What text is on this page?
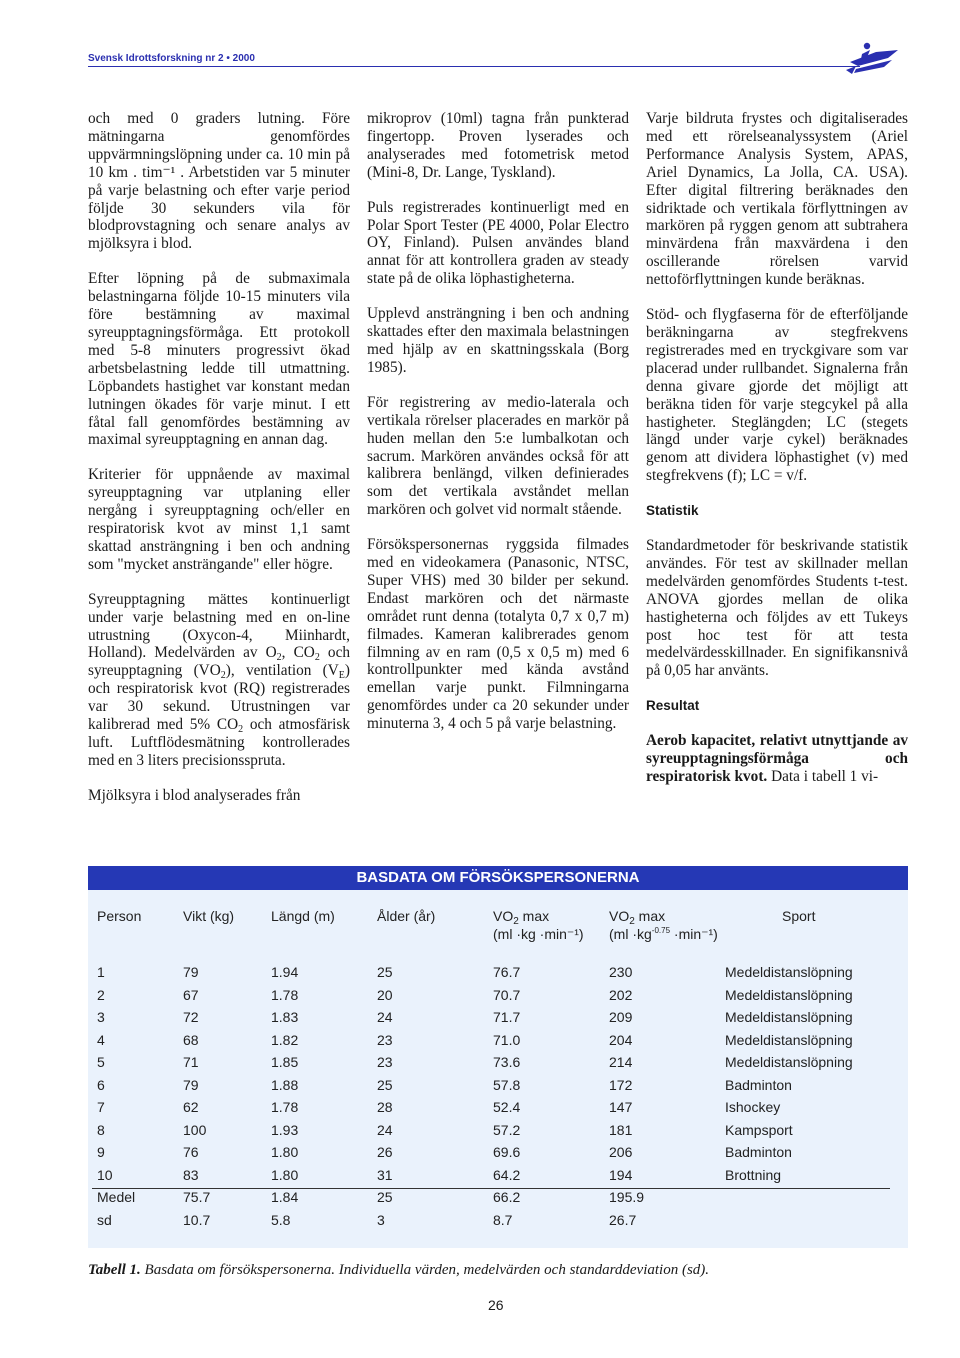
Svensk Idrottsforskning nr 2 • 2000

och med 0 graders lutning. Före mätningarna genomfördes uppvärmningslöpning under ca. 10 min på 10 km . tim⁻¹ . Arbetstiden var 5 minuter på varje belastning och efter varje period följde 30 sekunders vila för blodprovstagning och senare analys av mjölksyra i blod.

Efter löpning på de submaximala belastningarna följde 10-15 minuters vila före bestämning av maximal syreupptagningsförmåga. Ett protokoll med 5-8 minuters progressivt ökad arbetsbelastning ledde till utmattning. Löpbandets hastighet var konstant medan lutningen ökades för varje minut. I ett fåtal fall genomfördes bestämning av maximal syreupptagning en annan dag.

Kriterier för uppnående av maximal syreupptagning var utplaning eller nergång i syreupptagning och/eller en respiratorisk kvot av minst 1,1 samt skattad ansträngning i ben och andning som "mycket ansträngande" eller högre.

Syreupptagning mättes kontinuerligt under varje belastning med en on-line utrustning (Oxycon-4, Miinhardt, Holland). Medelvärden av $O_2$, $CO_2$ och syreupptagning $(VO_2)$, ventilation $(V_E)$ och respiratorisk kvot (RQ) registrerades var 30 sekund. Utrustningen var kalibrerad med 5% $CO_2$ och atmosfärisk luft. Luftflödesmätning kontrollerades med en 3 liters precisionsspruta.

Mjölksyra i blod analyserades från

mikroprov (10ml) tagna från punkterad fingertopp. Proven lyserades och analyserades med fotometrisk metod (Mini-8, Dr. Lange, Tyskland).

Puls registrerades kontinuerligt med en Polar Sport Tester (PE 4000, Polar Electro OY, Finland). Pulsen användes bland annat för att kontrollera graden av steady state på de olika löphastigheterna.

Upplevd ansträngning i ben och andning skattades efter den maximala belastningen med hjälp av en skattningsskala (Borg 1985).

För registrering av medio-laterala och vertikala rörelser placerades en markör på huden mellan den 5:e lumbalkotan och sacrum. Markören användes också för att kalibrera benlängd, vilken definierades som det vertikala avståndet mellan markören och golvet vid normalt stående.

Försökspersonernas ryggsida filmades med en videokamera (Panasonic, NTSC, Super VHS) med 30 bilder per sekund. Endast markören och det närmaste området runt denna (totalyta 0,7 x 0,7 m) filmades. Kameran kalibrerades genom filmning av en ram (0,5 x 0,5 m) med 6 kontrollpunkter med kända avstånd emellan varje punkt. Filmningarna genomfördes under ca 20 sekunder under minuterna 3, 4 och 5 på varje belastning.

Varje bildruta frystes och digitaliserades med ett rörelseanalyssystem (Ariel Performance Analysis System, APAS, Ariel Dynamics, La Jolla, CA. USA). Efter digital filtrering beräknades den sidriktade och vertikala förflyttningen av markören på ryggen genom att subtrahera minvärdena från maxvärdena i den oscillerande rörelsen varvid nettoförflyttningen kunde beräknas.

Stöd- och flygfaserna för de efterföljande beräkningarna av stegfrekvens registrerades med en tryckgivare som var placerad under rullbandet. Signalerna från denna givare gjorde det möjligt att beräkna tiden för varje stegcykel på alla hastigheter. Steglängden; LC (stegets längd under varje cykel) beräknades genom att dividera löphastighet (v) med stegfrekvens (f); LC = v/f.

Statistik

Standardmetoder för beskrivande statistik användes. För test av skillnader mellan medelvärden genomfördes Students t-test. ANOVA gjordes mellan de olika hastigheterna och följdes av ett Tukeys post hoc test för att testa medelvärdesskillnader. En signifikansnivå på 0,05 har använts.

Resultat

Aerob kapacitet, relativt utnyttjande av syreupptagningsförmåga och respiratorisk kvot. Data i tabell 1 vi-

BASDATA OM FÖRSÖKSPERSONERNA
Person	Vikt (kg)	Längd (m)	Ålder (år)	$VO_2$ max
(ml ·kg ·min⁻¹)
$VO_2$ max
$(ml \cdot kg^{-0.75} \cdot\min^{-1})$
Sport
1	79	1.94	25	76.7	230	Medeldistanslöpning
2	67	1.78	20	70.7	202	Medeldistanslöpning
3	72	1.83	24	71.7	209	Medeldistanslöpning
4	68	1.82	23	71.0	204	Medeldistanslöpning
5	71	1.85	23	73.6	214	Medeldistanslöpning
6	79	1.88	25	57.8	172	Badminton
7	62	1.78	28	52.4	147	Ishockey
8	100	1.93	24	57.2	181	Kampsport
9	76	1.80	26	69.6	206	Badminton
10	83	1.80	31	64.2	194	Brottning
Medel	75.7	1.84	25	66.2	195.9
sd	10.7	5.8	3	8.7	26.7
Tabell 1. Basdata om försökspersonerna. Individuella värden, medelvärden och standarddeviation (sd).
26
